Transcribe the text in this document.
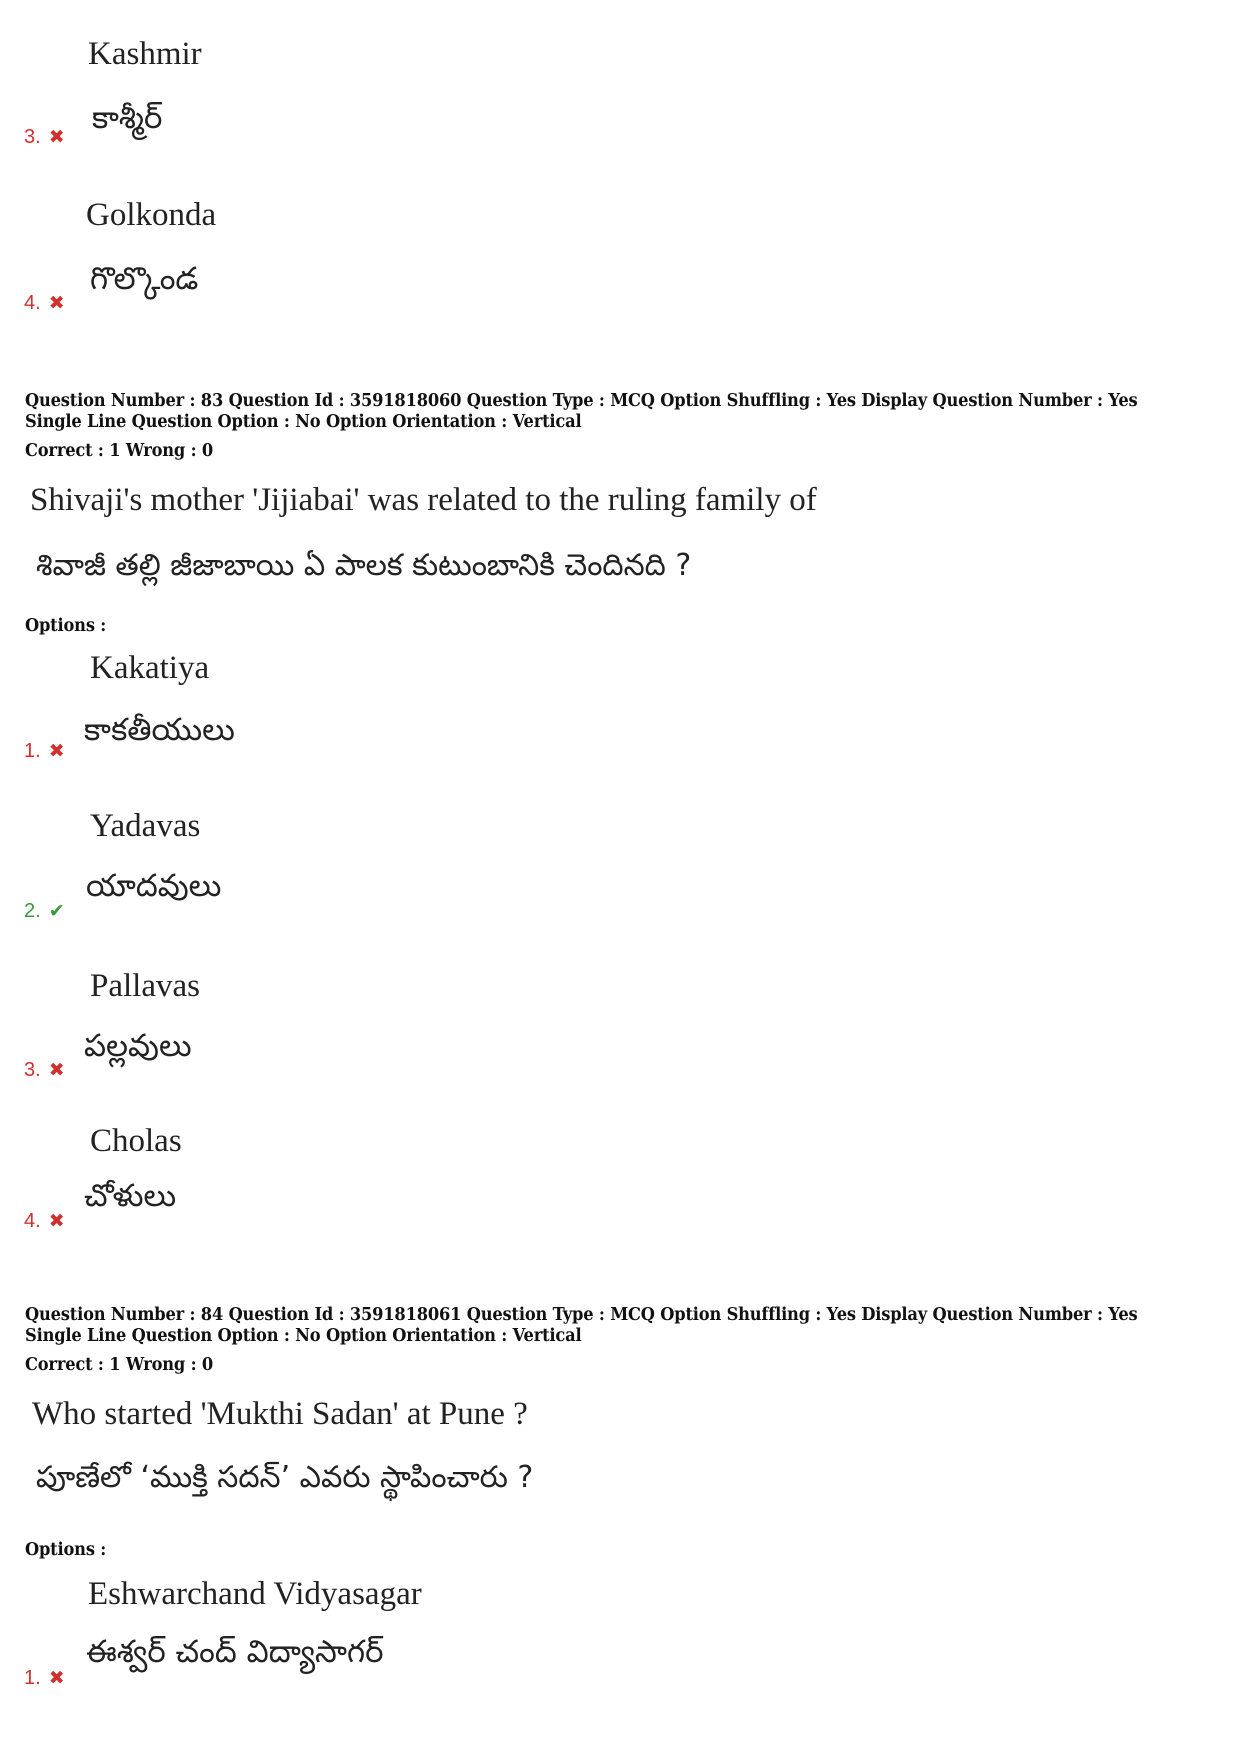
Kashmir
కాశ్మీర్
3. ✖
Golkonda
గొల్కొండ
4. ✖
Question Number : 83 Question Id : 3591818060 Question Type : MCQ Option Shuffling : Yes Display Question Number : Yes
Single Line Question Option : No Option Orientation : Vertical
Correct : 1 Wrong : 0
Shivaji's mother 'Jijiabai' was related to the ruling family of
శివాజీ తల్లి జీజాబాయి ఏ పాలక కుటుంబానికి చెందినది ?
Options :
Kakatiya
కాకతీయులు
1. ✖
Yadavas
యాదవులు
2. ✔
Pallavas
పల్లవులు
3. ✖
Cholas
చోళులు
4. ✖
Question Number : 84 Question Id : 3591818061 Question Type : MCQ Option Shuffling : Yes Display Question Number : Yes
Single Line Question Option : No Option Orientation : Vertical
Correct : 1 Wrong : 0
Who started 'Mukthi Sadan' at Pune ?
పూణేలో ‘ముక్తి సదన్’ ఎవరు స్థాపించారు ?
Options :
Eshwarchand Vidyasagar
ఈశ్వర్ చంద్ విద్యాసాగర్
1. ✖
